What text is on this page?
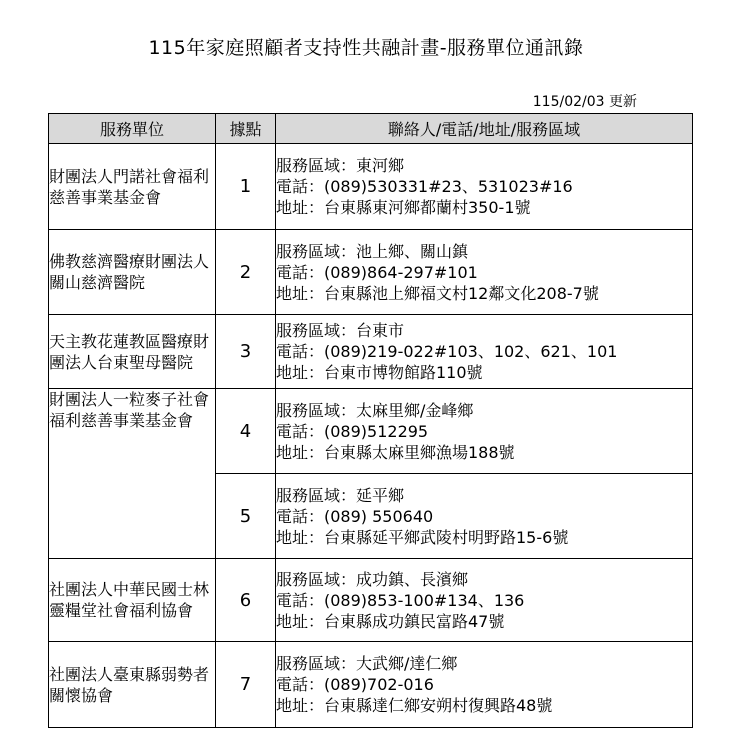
115年家庭照顧者支持性共融計畫-服務單位通訊錄
115/02/03 更新
服務單位	據點	聯絡人/電話/地址/服務區域
財團法人門諾社會福利慈善事業基金會	1	服務區域：東河鄉
電話：(089)530331#23、531023#16
地址：台東縣東河鄉都蘭村350-1號

佛教慈濟醫療財團法人關山慈濟醫院	2	服務區域：池上鄉、關山鎮
電話：(089)864-297#101
地址：台東縣池上鄉福文村12鄰文化208-7號

天主教花蓮教區醫療財團法人台東聖母醫院	3	服務區域：台東市
電話：(089)219-022#103、102、621、101
地址：台東市博物館路110號

財團法人一粒麥子社會福利慈善事業基金會	4	服務區域：太麻里鄉/金峰鄉
電話：(089)512295
地址：台東縣太麻里鄉漁場188號

	5	服務區域：延平鄉
電話：(089) 550640
地址：台東縣延平鄉武陵村明野路15-6號

社團法人中華民國士林靈糧堂社會福利協會	6	服務區域：成功鎮、長濱鄉
電話：(089)853-100#134、136
地址：台東縣成功鎮民富路47號

社團法人臺東縣弱勢者關懷協會	7	服務區域：大武鄉/達仁鄉
電話：(089)702-016
地址：台東縣達仁鄉安朔村復興路48號
